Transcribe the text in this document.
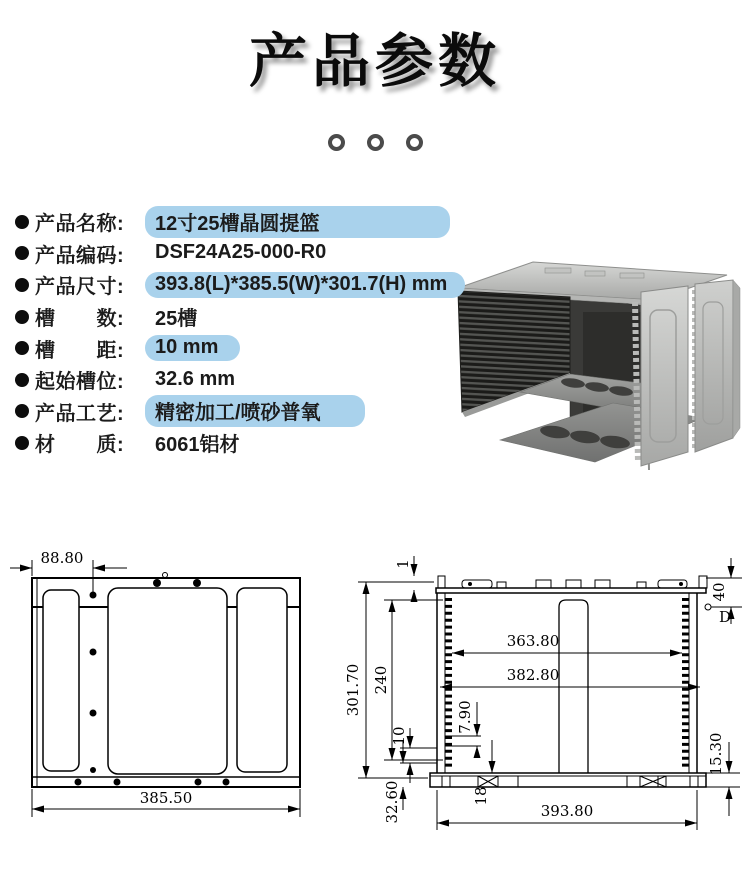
产品参数
产品名称:	12寸25槽晶圆提篮
产品编码:	DSF24A25-000-R0
产品尺寸:	393.8(L)*385.5(W)*301.7(H) mm
槽　　数:	25槽
槽　　距:	10 mm
起始槽位:	32.6 mm
产品工艺:	精密加工/喷砂普氧
材　　质:	6061铝材
88.80
385.50
363.80
382.80
393.80
301.70 240
1
10
32.60
7.90
18
40
15.30
D
